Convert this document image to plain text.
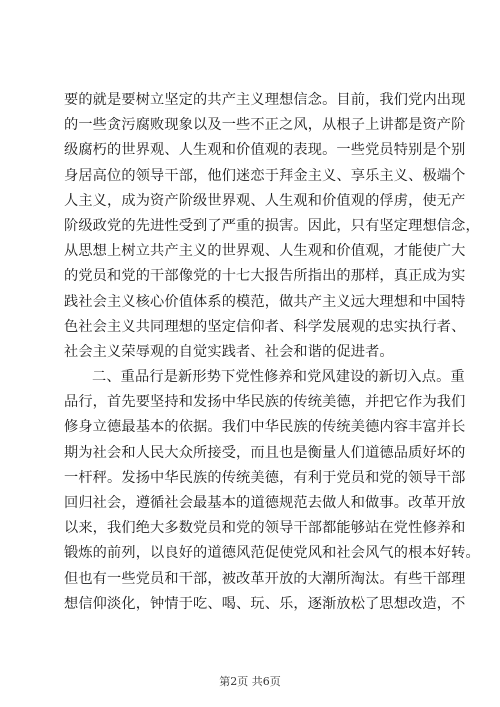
要的就是要树立坚定的共产主义理想信念。目前，我们党内出现
的一些贪污腐败现象以及一些不正之风，从根子上讲都是资产阶
级腐朽的世界观、人生观和价值观的表现。一些党员特别是个别
身居高位的领导干部，他们迷恋于拜金主义、享乐主义、极端个
人主义，成为资产阶级世界观、人生观和价值观的俘虏，使无产
阶级政党的先进性受到了严重的损害。因此，只有坚定理想信念，
从思想上树立共产主义的世界观、人生观和价值观，才能使广大
的党员和党的干部像党的十七大报告所指出的那样，真正成为实
践社会主义核心价值体系的模范，做共产主义远大理想和中国特
色社会主义共同理想的坚定信仰者、科学发展观的忠实执行者、
社会主义荣辱观的自觉实践者、社会和谐的促进者。
二、重品行是新形势下党性修养和党风建设的新切入点。重
品行，首先要坚持和发扬中华民族的传统美德，并把它作为我们
修身立德最基本的依据。我们中华民族的传统美德内容丰富并长
期为社会和人民大众所接受，而且也是衡量人们道德品质好坏的
一杆秤。发扬中华民族的传统美德，有利于党员和党的领导干部
回归社会，遵循社会最基本的道德规范去做人和做事。改革开放
以来，我们绝大多数党员和党的领导干部都能够站在党性修养和
锻炼的前列，以良好的道德风范促使党风和社会风气的根本好转。
但也有一些党员和干部，被改革开放的大潮所淘汰。有些干部理
想信仰淡化，钟情于吃、喝、玩、乐，逐渐放松了思想改造，不
第2页 共6页
